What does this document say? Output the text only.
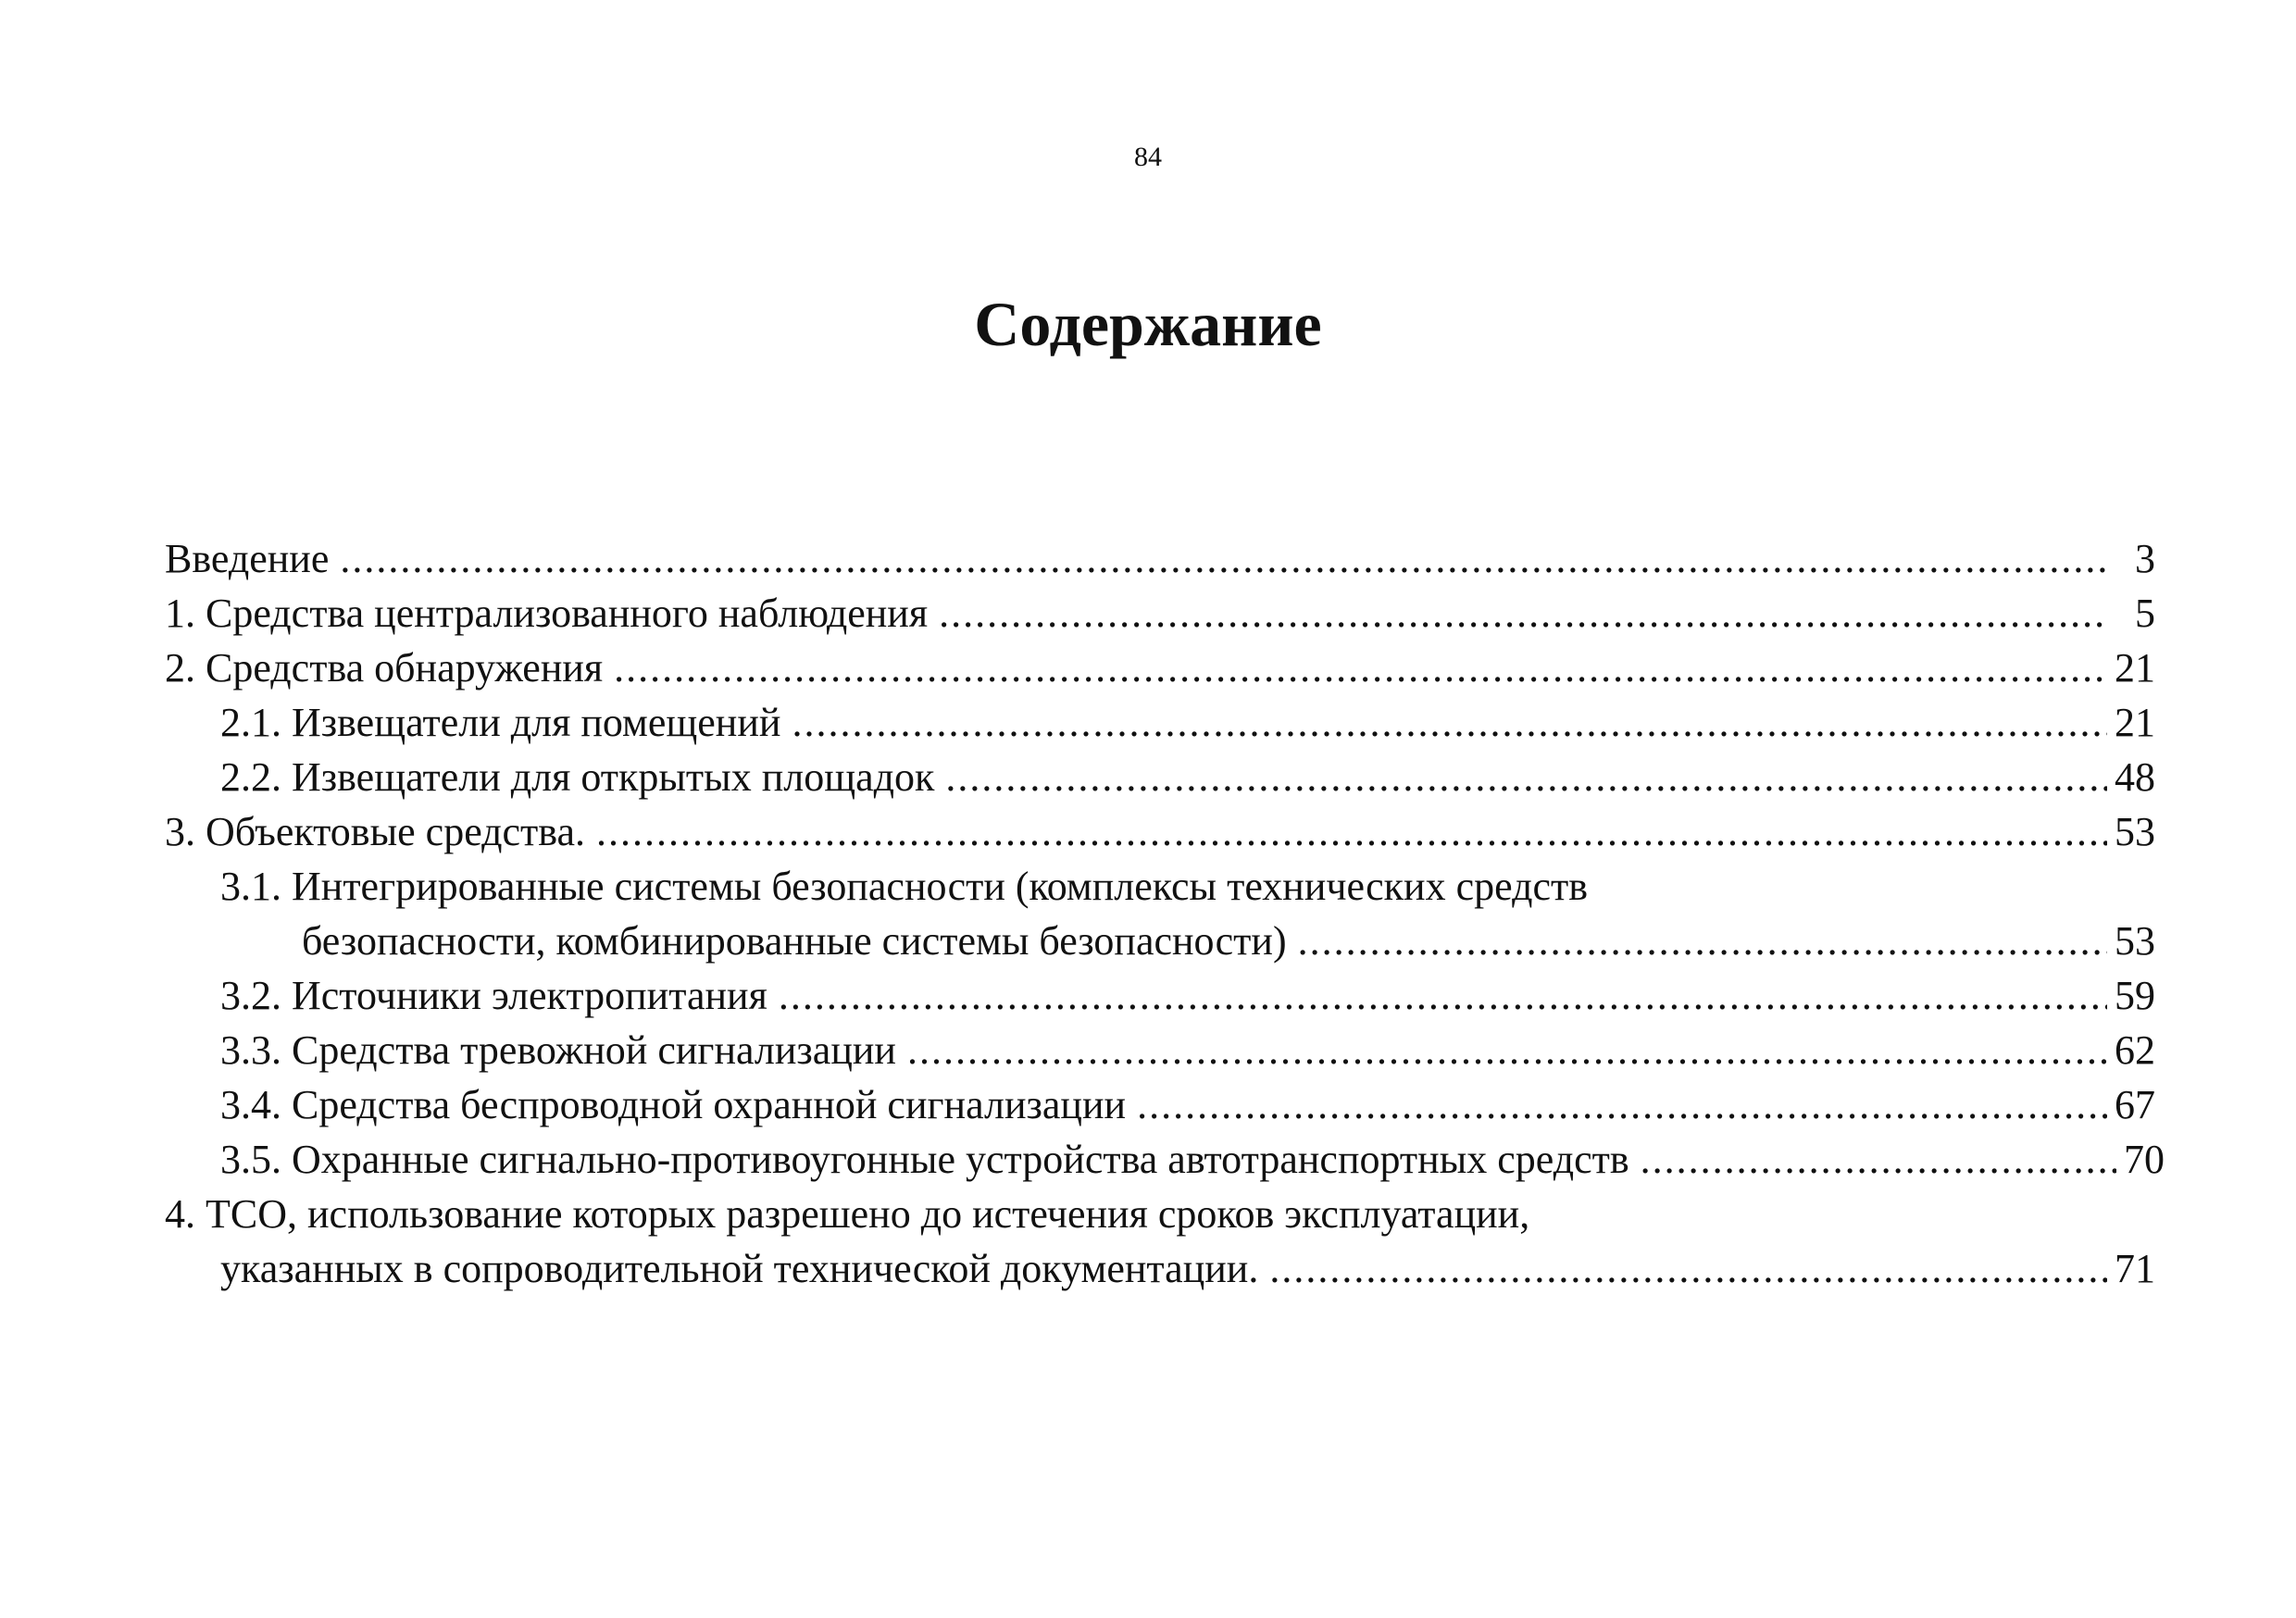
84
Содержание
Введение .....	3
1. Средства централизованного наблюдения .....	5
2. Средства обнаружения .....	21
2.1. Извещатели для помещений .....	21
2.2. Извещатели для открытых площадок .....	48
3. Объектовые средства. .....	53
3.1. Интегрированные системы безопасности (комплексы технических средств
безопасности, комбинированные системы безопасности) .....	53
3.2. Источники электропитания .....	59
3.3. Средства тревожной сигнализации .....	62
3.4. Средства беспроводной охранной сигнализации .....	67
3.5. Охранные сигнально-противоугонные устройства автотранспортных средств .....	70
4. ТСО, использование которых разрешено до истечения сроков эксплуатации,
указанных в сопроводительной технической документации. .....	71
